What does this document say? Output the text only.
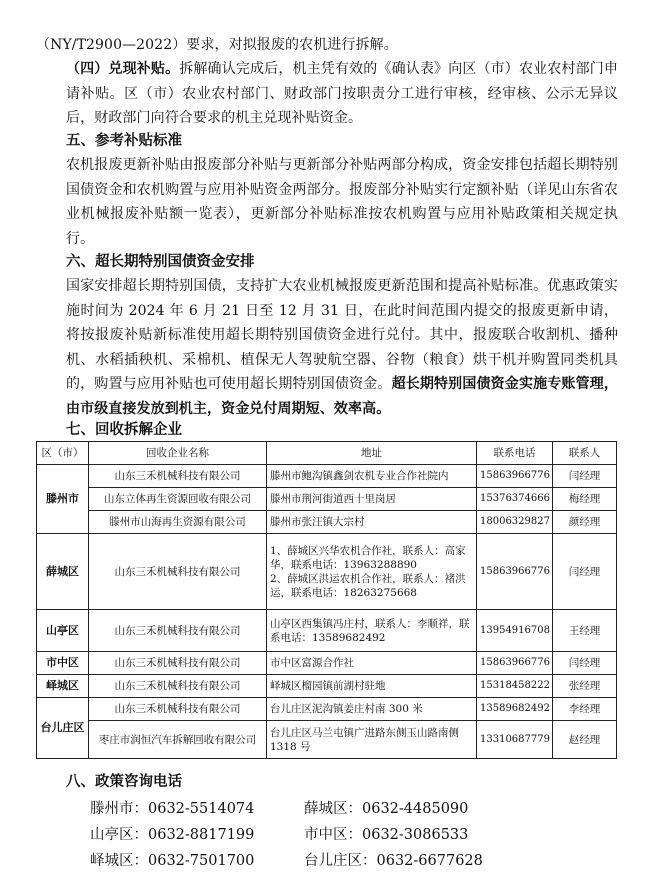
（NY/T2900—2022）要求，对拟报废的农机进行拆解。

（四）兑现补贴。拆解确认完成后，机主凭有效的《确认表》向区（市）农业农村部门申请补贴。区（市）农业农村部门、财政部门按职责分工进行审核，经审核、公示无异议后，财政部门向符合要求的机主兑现补贴资金。

五、参考补贴标准

农机报废更新补贴由报废部分补贴与更新部分补贴两部分构成，资金安排包括超长期特别国债资金和农机购置与应用补贴资金两部分。报废部分补贴实行定额补贴（详见山东省农业机械报废补贴额一览表），更新部分补贴标准按农机购置与应用补贴政策相关规定执行。

六、超长期特别国债资金安排

国家安排超长期特别国债，支持扩大农业机械报废更新范围和提高补贴标准。优惠政策实施时间为 2024 年 6 月 21 日至 12 月 31 日，在此时间范围内提交的报废更新申请，将按报废补贴新标准使用超长期特别国债资金进行兑付。其中，报废联合收割机、播种机、水稻插秧机、采棉机、植保无人驾驶航空器、谷物（粮食）烘干机并购置同类机具的，购置与应用补贴也可使用超长期特别国债资金。超长期特别国债资金实施专账管理，由市级直接发放到机主，资金兑付周期短、效率高。

七、回收拆解企业
区（市）	回收企业名称	地址	联系电话	联系人
滕州市	山东三禾机械科技有限公司	滕州市鲍沟镇鑫剑农机专业合作社院内	15863966776	闫经理
	山东立体再生资源回收有限公司	滕州市荆河街道西十里岗居	15376374666	梅经理
	滕州市山海再生资源有限公司	滕州市张汪镇大宗村	18006329827	颜经理
薛城区	山东三禾机械科技有限公司	1、薛城区兴华农机合作社，联系人：高家华，联系电话：13963288890
2、薛城区洪运农机合作社，联系人：褚洪运，联系电话：18263275668	15863966776	闫经理
山亭区	山东三禾机械科技有限公司	山亭区西集镇冯庄村，联系人：李顺祥，联系电话：13589682492	13954916708	王经理
市中区	山东三禾机械科技有限公司	市中区富源合作社	15863966776	闫经理
峄城区	山东三禾机械科技有限公司	峄城区榴园镇前湖村驻地	15318458222	张经理
台儿庄区	山东三禾机械科技有限公司	台儿庄区泥沟镇姜庄村南 300 米	13589682492	李经理
	枣庄市润恒汽车拆解回收有限公司	台儿庄区马兰屯镇广进路东侧玉山路南侧 1318 号	13310687779	赵经理
八、政策咨询电话
滕州市：0632-5514074	薛城区：0632-4485090
山亭区：0632-8817199	市中区：0632-3086533
峄城区：0632-7501700	台儿庄区：0632-6677628
